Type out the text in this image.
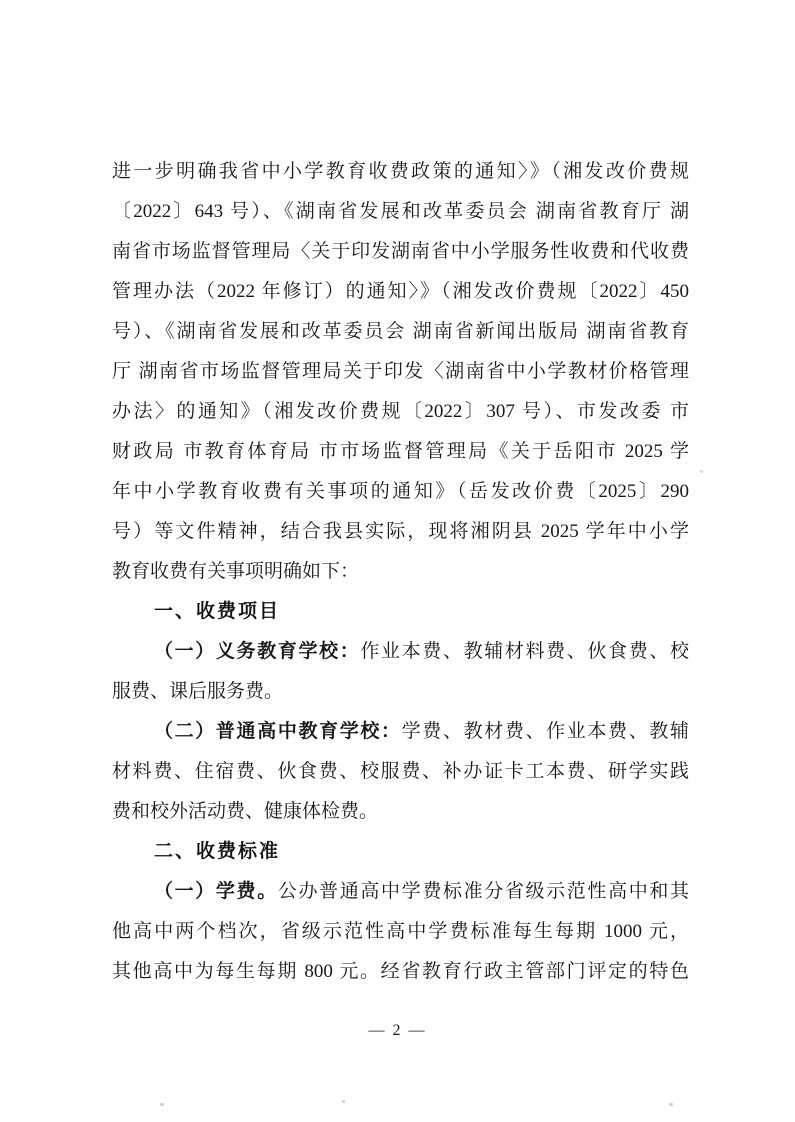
进一步明确我省中小学教育收费政策的通知〉》（湘发改价费规
〔2022〕643 号）、《湖南省发展和改革委员会 湖南省教育厅 湖
南省市场监督管理局〈关于印发湖南省中小学服务性收费和代收费
管理办法（2022 年修订）的通知〉》（湘发改价费规〔2022〕450
号）、《湖南省发展和改革委员会 湖南省新闻出版局 湖南省教育
厅 湖南省市场监督管理局关于印发〈湖南省中小学教材价格管理
办法〉的通知》（湘发改价费规〔2022〕307 号）、市发改委 市
财政局 市教育体育局 市市场监督管理局《关于岳阳市 2025 学
年中小学教育收费有关事项的通知》（岳发改价费〔2025〕290
号）等文件精神，结合我县实际，现将湘阴县 2025 学年中小学
教育收费有关事项明确如下：
一、收费项目
（一）义务教育学校：作业本费、教辅材料费、伙食费、校
服费、课后服务费。
（二）普通高中教育学校：学费、教材费、作业本费、教辅
材料费、住宿费、伙食费、校服费、补办证卡工本费、研学实践
费和校外活动费、健康体检费。
二、收费标准
（一）学费。公办普通高中学费标准分省级示范性高中和其
他高中两个档次，省级示范性高中学费标准每生每期 1000 元，
其他高中为每生每期 800 元。经省教育行政主管部门评定的特色
— 2 —
